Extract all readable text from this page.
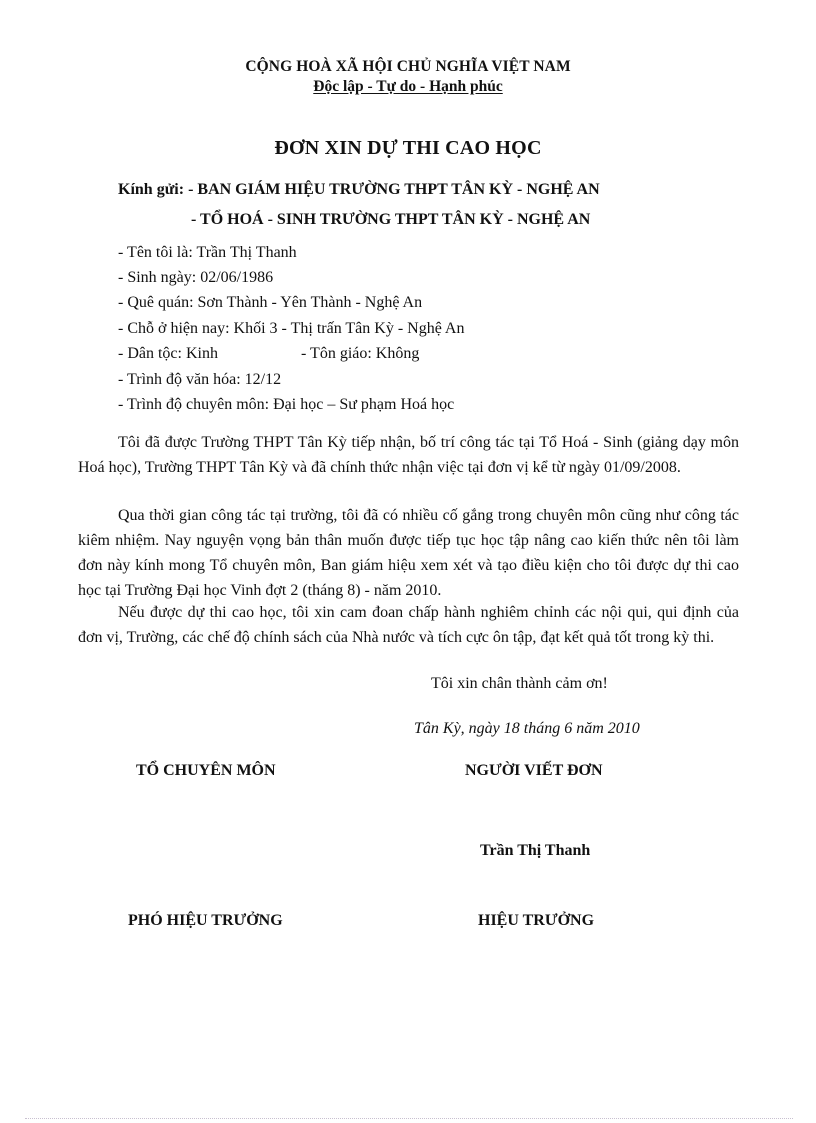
CỘNG HOÀ XÃ HỘI CHỦ NGHĨA VIỆT NAM
Độc lập - Tự do - Hạnh phúc
ĐƠN XIN DỰ THI CAO HỌC
Kính gửi: - BAN GIÁM HIỆU TRƯỜNG THPT TÂN KỲ - NGHỆ AN
- TỔ HOÁ - SINH TRƯỜNG THPT TÂN KỲ - NGHỆ AN
- Tên tôi là: Trần Thị Thanh
- Sinh ngày: 02/06/1986
- Quê quán: Sơn Thành - Yên Thành - Nghệ An
- Chỗ ở hiện nay: Khối 3 - Thị trấn Tân Kỳ - Nghệ An
- Dân tộc: Kinh	- Tôn giáo: Không
- Trình độ văn hóa: 12/12
- Trình độ chuyên môn: Đại học – Sư phạm Hoá học
Tôi đã được Trường THPT Tân Kỳ tiếp nhận, bố trí công tác tại Tổ Hoá - Sinh (giảng dạy môn Hoá học), Trường THPT Tân Kỳ và đã chính thức nhận việc tại đơn vị kể từ ngày 01/09/2008.
Qua thời gian công tác tại trường, tôi đã có nhiều cố gắng trong chuyên môn cũng như công tác kiêm nhiệm. Nay nguyện vọng bản thân muốn được tiếp tục học tập nâng cao kiến thức nên tôi làm đơn này kính mong Tổ chuyên môn, Ban giám hiệu xem xét và tạo điều kiện cho tôi được dự thi cao học tại Trường Đại học Vinh đợt 2 (tháng 8) - năm 2010.
Nếu được dự thi cao học, tôi xin cam đoan chấp hành nghiêm chỉnh các nội qui, qui định của đơn vị, Trường, các chế độ chính sách của Nhà nước và tích cực ôn tập, đạt kết quả tốt trong kỳ thi.
Tôi xin chân thành cảm ơn!
Tân Kỳ, ngày 18 tháng 6 năm 2010
TỔ CHUYÊN MÔN	NGƯỜI VIẾT ĐƠN
Trần Thị Thanh
PHÓ HIỆU TRƯỞNG	HIỆU TRƯỞNG
